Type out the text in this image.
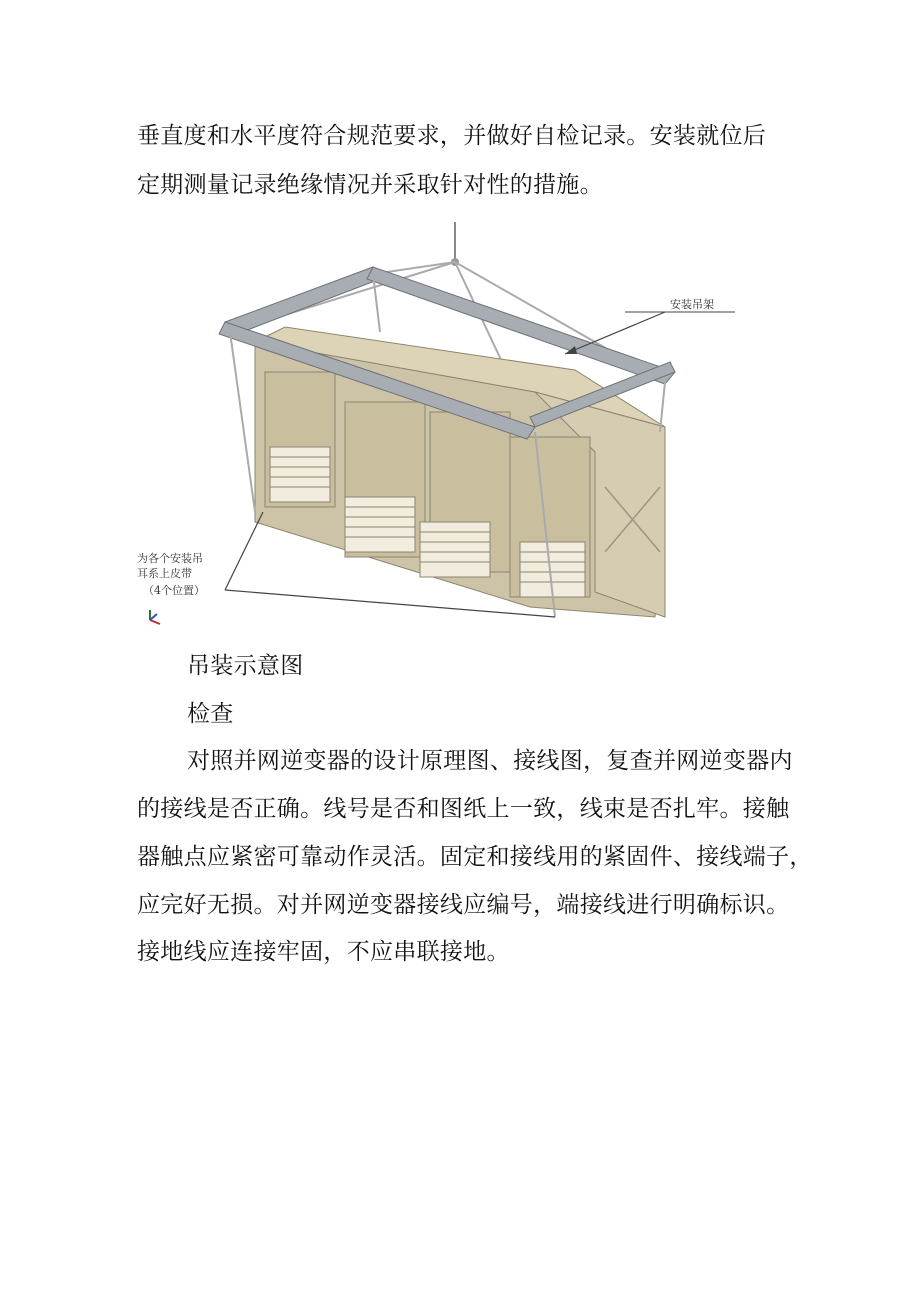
垂直度和水平度符合规范要求，并做好自检记录。安装就位后
定期测量记录绝缘情况并采取针对性的措施。
安装吊架
为各个安装吊
耳系上皮带
（4个位置）
吊装示意图
检查
对照并网逆变器的设计原理图、接线图，复查并网逆变器内
的接线是否正确。线号是否和图纸上一致，线束是否扎牢。接触
器触点应紧密可靠动作灵活。固定和接线用的紧固件、接线端子，
应完好无损。对并网逆变器接线应编号，端接线进行明确标识。
接地线应连接牢固，不应串联接地。
